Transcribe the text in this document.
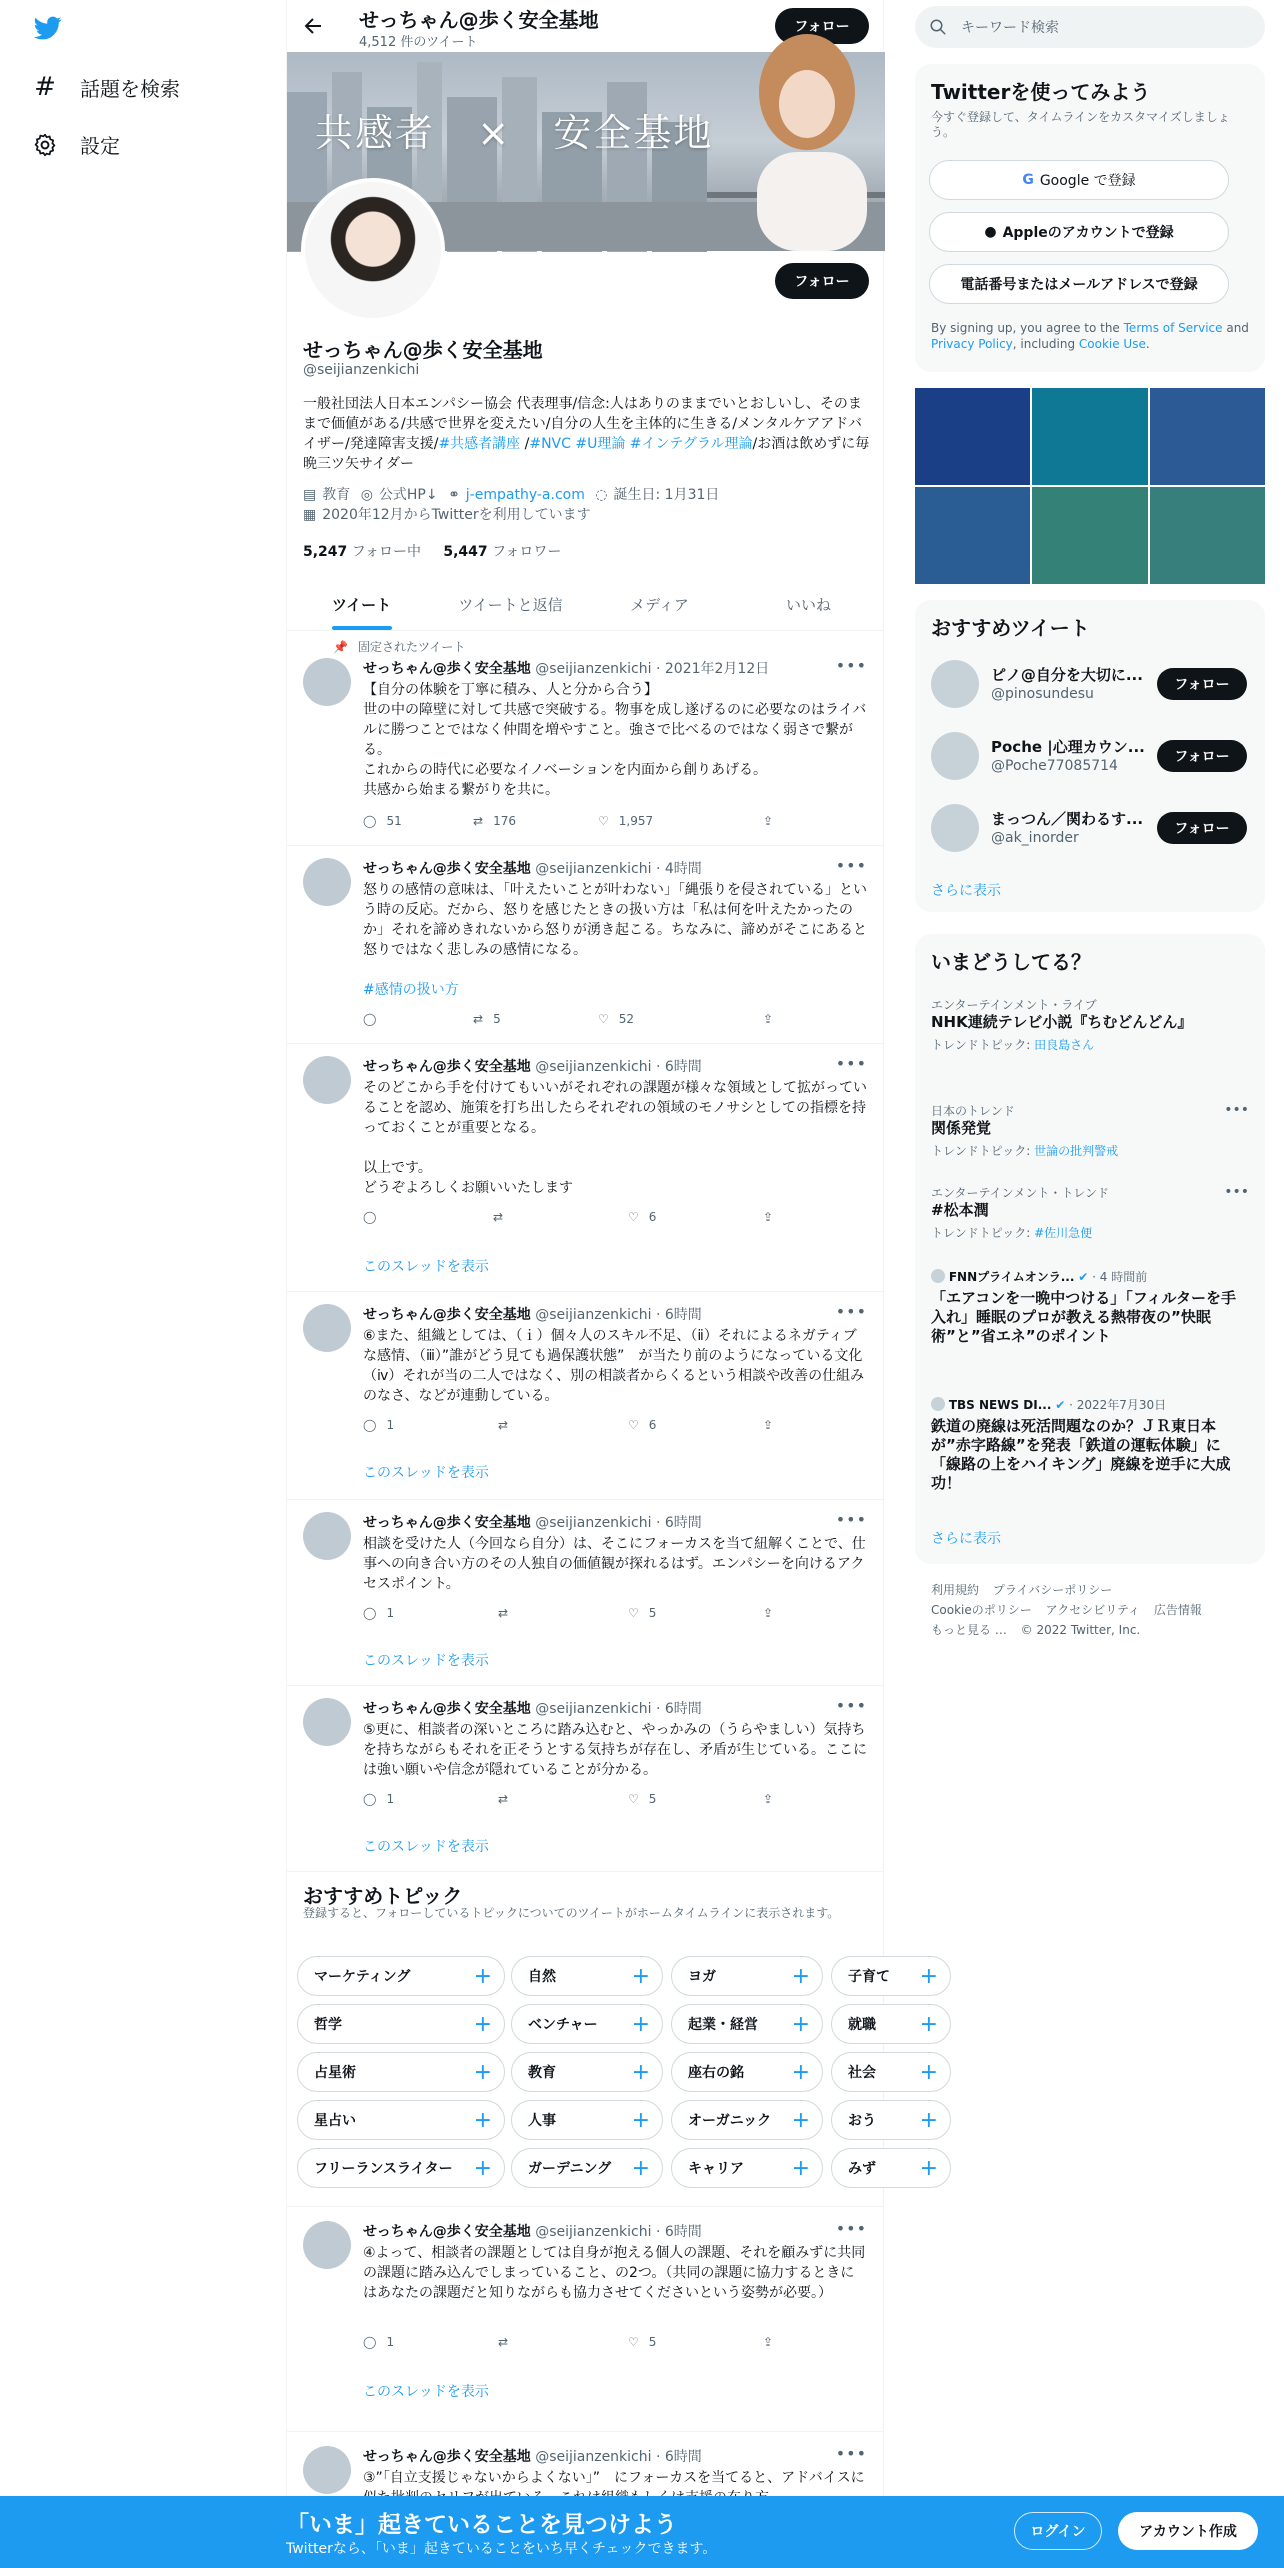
# 話題を検索
設定
せっちゃん@歩く安全基地
4,512 件のツイート
フォロー
共感者 × 安全基地
フォロー
せっちゃん@歩く安全基地
@seijianzenkichi
一般社団法人日本エンパシー協会 代表理事/信念:人はありのままでいとおしいし、そのままで価値がある/共感で世界を変えたい/自分の人生を主体的に生きる/メンタルケアアドバイザー/発達障害支援/#共感者講座 /#NVC #U理論 #インテグラル理論/お酒は飲めずに毎晩三ツ矢サイダー
▤ 教育 ◎ 公式HP↓ ⚭ j-empathy-a.com ◌ 誕生日: 1月31日
▦ 2020年12月からTwitterを利用しています
5,247 フォロー中 5,447 フォロワー
ツイート	ツイートと返信	メディア	いいね
📌 固定されたツイート
せっちゃん@歩く安全基地 @seijianzenkichi · 2021年2月12日	•••
【自分の体験を丁寧に積み、人と分から合う】
世の中の障壁に対して共感で突破する。物事を成し遂げるのに必要なのはライバルに勝つことではなく仲間を増やすこと。強さで比べるのではなく弱さで繋がる。
これからの時代に必要なイノベーションを内面から創りあげる。
共感から始まる繋がりを共に。
◯ 51	⇄ 176	♡ 1,957	⇪
せっちゃん@歩く安全基地 @seijianzenkichi · 4時間	•••
怒りの感情の意味は、「叶えたいことが叶わない」「縄張りを侵されている」という時の反応。だから、怒りを感じたときの扱い方は「私は何を叶えたかったのか」それを諦めきれないから怒りが湧き起こる。ちなみに、諦めがそこにあると怒りではなく悲しみの感情になる。
#感情の扱い方
◯	⇄ 5	♡ 52	⇪
せっちゃん@歩く安全基地 @seijianzenkichi · 6時間	•••
そのどこから手を付けてもいいがそれぞれの課題が様々な領域として拡がっていることを認め、施策を打ち出したらそれぞれの領域のモノサシとしての指標を持っておくことが重要となる。

以上です。
どうぞよろしくお願いいたします
◯	⇄	♡ 6	⇪
このスレッドを表示
せっちゃん@歩く安全基地 @seijianzenkichi · 6時間	•••
⑥また、組織としては、（ｉ）個々人のスキル不足、（ⅱ）それによるネガティブな感情、（ⅲ）”誰がどう見ても過保護状態”　が当たり前のようになっている文化（ⅳ）それが当の二人ではなく、別の相談者からくるという相談や改善の仕組みのなさ、などが連動している。
◯ 1	⇄	♡ 6	⇪
このスレッドを表示
せっちゃん@歩く安全基地 @seijianzenkichi · 6時間	•••
相談を受けた人（今回なら自分）は、そこにフォーカスを当て紐解くことで、仕事への向き合い方のその人独自の価値観が探れるはず。エンパシーを向けるアクセスポイント。
◯ 1	⇄	♡ 5	⇪
このスレッドを表示
せっちゃん@歩く安全基地 @seijianzenkichi · 6時間	•••
⑤更に、相談者の深いところに踏み込むと、やっかみの（うらやましい）気持ちを持ちながらもそれを正そうとする気持ちが存在し、矛盾が生じている。ここには強い願いや信念が隠れていることが分かる。
◯ 1	⇄	♡ 5	⇪
このスレッドを表示
おすすめトピック
登録すると、フォローしているトピックについてのツイートがホームタイムラインに表示されます。
マーケティング	+	自然	+	ヨガ	+	子育て +
哲学	+	ベンチャー +	起業・経営 +	就職 +
占星術	+	教育	+	座右の銘 +	社会 +
星占い	+	人事	+	オーガニック +	おう +
フリーランスライター +	ガーデニング +	キャリア +	みず +
せっちゃん@歩く安全基地 @seijianzenkichi · 6時間	•••
④よって、相談者の課題としては自身が抱える個人の課題、それを顧みずに共同の課題に踏み込んでしまっていること、の2つ。（共同の課題に協力するときにはあなたの課題だと知りながらも協力させてくださいという姿勢が必要。）
◯ 1	⇄	♡ 5	⇪
このスレッドを表示
せっちゃん@歩く安全基地 @seijianzenkichi · 6時間	•••
③”「自立支援じゃないからよくない」”　にフォーカスを当てると、アドバイスに
キーワード検索
Twitterを使ってみよう
今すぐ登録して、タイムラインをカスタマイズしましょう。
G Google で登録
● Appleのアカウントで登録
電話番号またはメールアドレスで登録
By signing up, you agree to the Terms of Service and Privacy Policy, including Cookie Use.
おすすめツイート
ピノ@自分を大切に...
@pinosundesu
フォロー
Poche |心理カウン...
@Poche77085714
フォロー
まっつん／関わるす...
@ak_inorder
フォロー
さらに表示
いまどうしてる？
エンターテインメント・ライブ
NHK連続テレビ小説『ちむどんどん』
トレンドトピック: 田良島さん
•••
日本のトレンド
関係発覚
トレンドトピック: 世論の批判警戒
•••
エンターテインメント・トレンド
#松本潤
トレンドトピック: #佐川急便
FNNプライムオンラ... ✔ · 4 時間前
「エアコンを一晩中つける」「フィルターを手入れ」睡眠のプロが教える熱帯夜の”快眠術”と”省エネ”のポイント
TBS NEWS DI... ✔ · 2022年7月30日
鉄道の廃線は死活問題なのか？ＪＲ東日本が”赤字路線”を発表「鉄道の運転体験」に「線路の上をハイキング」廃線を逆手に大成功！
さらに表示
利用規約 プライバシーポリシー
Cookieのポリシー アクセシビリティ 広告情報
もっと見る … © 2022 Twitter, Inc.
「いま」起きていることを見つけよう
Twitterなら、「いま」起きていることをいち早くチェックできます。
ログイン	アカウント作成
